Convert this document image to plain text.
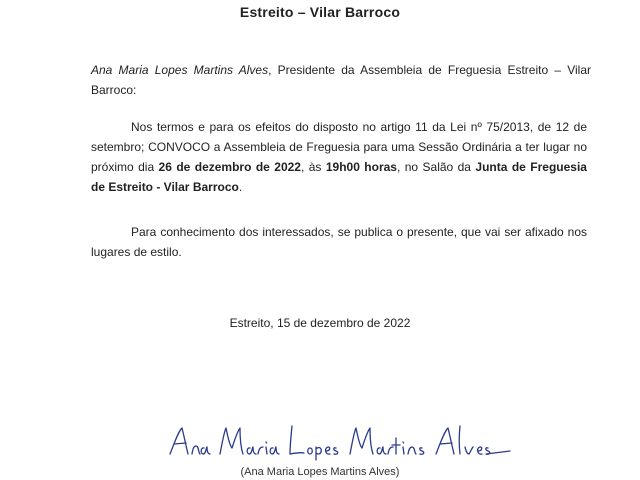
Estreito – Vilar Barroco
Ana Maria Lopes Martins Alves, Presidente da Assembleia de Freguesia Estreito – Vilar Barroco:
Nos termos e para os efeitos do disposto no artigo 11 da Lei nº 75/2013, de 12 de setembro; CONVOCO a Assembleia de Freguesia para uma Sessão Ordinária a ter lugar no próximo dia 26 de dezembro de 2022, às 19h00 horas, no Salão da Junta de Freguesia de Estreito - Vilar Barroco.
Para conhecimento dos interessados, se publica o presente, que vai ser afixado nos lugares de estilo.
Estreito, 15 de dezembro de 2022
(Ana Maria Lopes Martins Alves)
